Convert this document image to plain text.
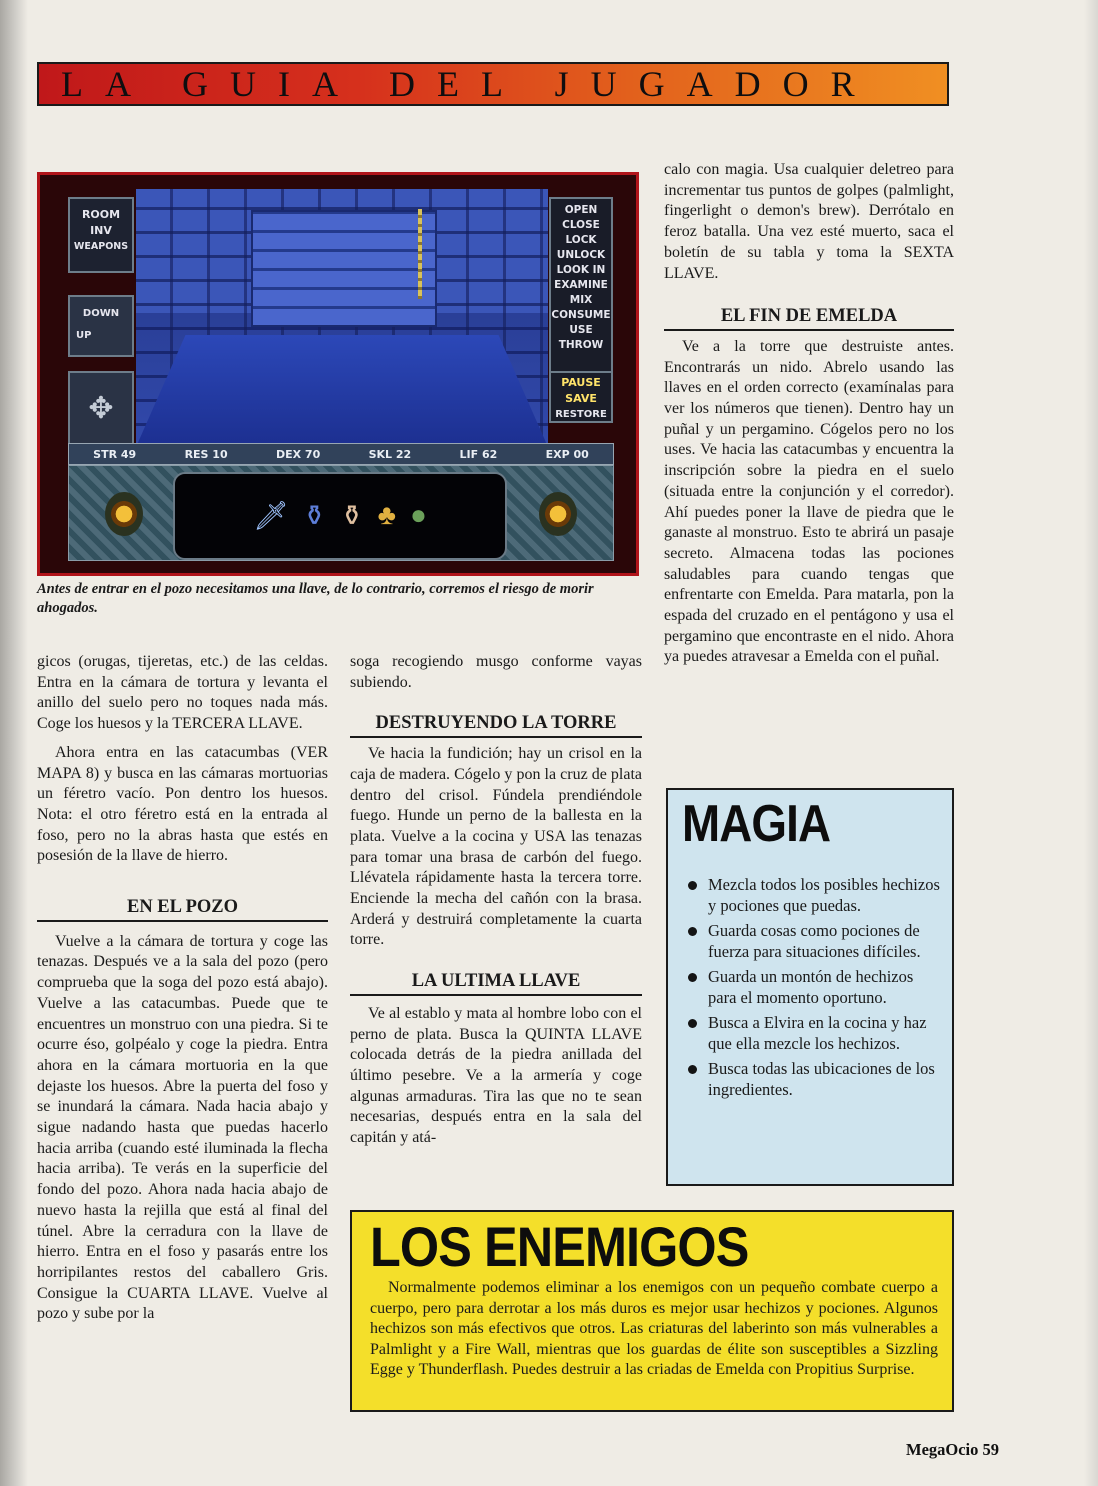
LA GUIA DEL JUGADOR
ROOM
INV
WEAPONS
DOWN
UP
✥
OPEN
CLOSE
LOCK
UNLOCK
LOOK IN
EXAMINE
MIX
CONSUME
USE
THROW
PAUSE
SAVE
RESTORE
STR 49	RES 10	DEX 70	SKL 22	LIF 62	EXP 00
🗡 ⚱ ⚱ ♣ ●
Antes de entrar en el pozo necesitamos una llave, de lo contrario, corremos el riesgo de morir ahogados.

gicos (orugas, tijeretas, etc.) de las celdas. Entra en la cámara de tortura y levanta el anillo del suelo pero no toques nada más. Coge los huesos y la TERCERA LLAVE.

Ahora entra en las catacumbas (VER MAPA 8) y busca en las cámaras mortuorias un féretro vacío. Pon dentro los huesos. Nota: el otro féretro está en la entrada al foso, pero no la abras hasta que estés en posesión de la llave de hierro.

EN EL POZO

Vuelve a la cámara de tortura y coge las tenazas. Después ve a la sala del pozo (pero comprueba que la soga del pozo está abajo). Vuelve a las catacumbas. Puede que te encuentres un monstruo con una piedra. Si te ocurre éso, golpéalo y coge la piedra. Entra ahora en la cámara mortuoria en la que dejaste los huesos. Abre la puerta del foso y se inundará la cámara. Nada hacia abajo y sigue nadando hasta que puedas hacerlo hacia arriba (cuando esté iluminada la flecha hacia arriba). Te verás en la superficie del fondo del pozo. Ahora nada hacia abajo de nuevo hasta la rejilla que está al final del túnel. Abre la cerradura con la llave de hierro. Entra en el foso y pasarás entre los horripilantes restos del caballero Gris. Consigue la CUARTA LLAVE. Vuelve al pozo y sube por la

soga recogiendo musgo conforme vayas subiendo.

DESTRUYENDO LA TORRE

Ve hacia la fundición; hay un crisol en la caja de madera. Cógelo y pon la cruz de plata dentro del crisol. Fúndela prendiéndole fuego. Hunde un perno de la ballesta en la plata. Vuelve a la cocina y USA las tenazas para tomar una brasa de carbón del fuego. Llévatela rápidamente hasta la tercera torre. Enciende la mecha del cañón con la brasa. Arderá y destruirá completamente la cuarta torre.

LA ULTIMA LLAVE

Ve al establo y mata al hombre lobo con el perno de plata. Busca la QUINTA LLAVE colocada detrás de la piedra anillada del último pesebre. Ve a la armería y coge algunas armaduras. Tira las que no te sean necesarias, después entra en la sala del capitán y atá-

calo con magia. Usa cualquier deletreo para incrementar tus puntos de golpes (palmlight, fingerlight o demon's brew). Derrótalo en feroz batalla. Una vez esté muerto, saca el boletín de su tabla y toma la SEXTA LLAVE.

EL FIN DE EMELDA

Ve a la torre que destruiste antes. Encontrarás un nido. Abrelo usando las llaves en el orden correcto (examínalas para ver los números que tienen). Dentro hay un puñal y un pergamino. Cógelos pero no los uses. Ve hacia las catacumbas y encuentra la inscripción sobre la piedra en el suelo (situada entre la conjunción y el corredor). Ahí puedes poner la llave de piedra que le ganaste al monstruo. Esto te abrirá un pasaje secreto. Almacena todas las pociones saludables para cuando tengas que enfrentarte con Emelda. Para matarla, pon la espada del cruzado en el pentágono y usa el pergamino que encontraste en el nido. Ahora ya puedes atravesar a Emelda con el puñal.

MAGIA
Mezcla todos los posibles hechizos y pociones que puedas.
Guarda cosas como pociones de fuerza para situaciones difíciles.
Guarda un montón de hechizos para el momento oportuno.
Busca a Elvira en la cocina y haz que ella mezcle los hechizos.
Busca todas las ubicaciones de los ingredientes.
LOS ENEMIGOS

Normalmente podemos eliminar a los enemigos con un pequeño combate cuerpo a cuerpo, pero para derrotar a los más duros es mejor usar hechizos y pociones. Algunos hechizos son más efectivos que otros. Las criaturas del laberinto son más vulnerables a Palmlight y a Fire Wall, mientras que los guardas de élite son susceptibles a Sizzling Egge y Thunderflash. Puedes destruir a las criadas de Emelda con Propitius Surprise.

MegaOcio 59
